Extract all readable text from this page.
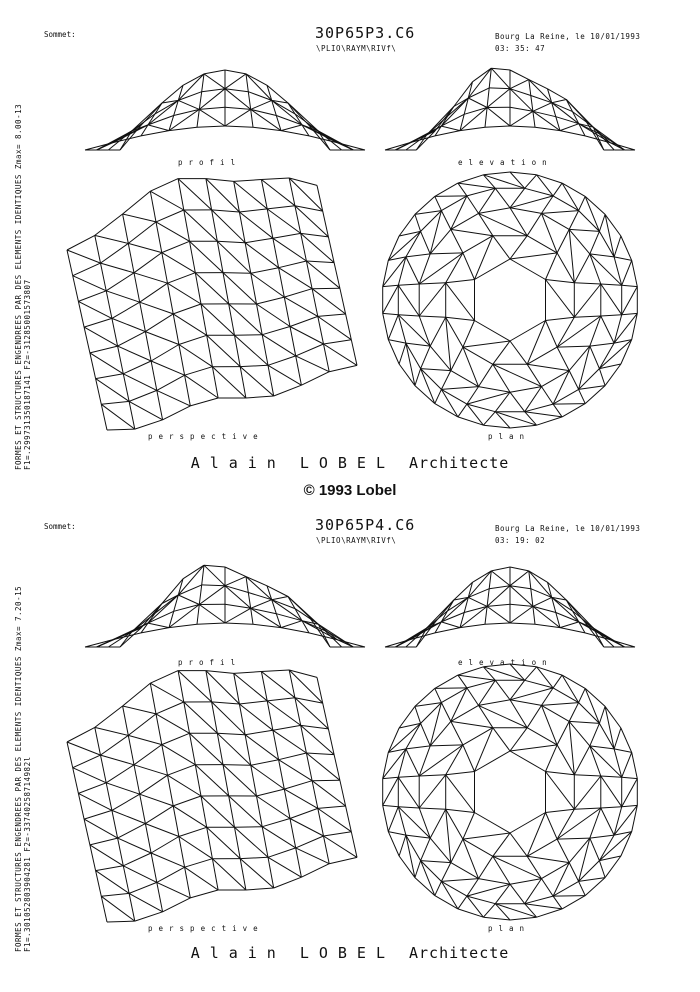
FORMES ET STRUCTURES ENGENDREES PAR DES ELEMENTS IDENTIQUES Zmax= 8.00-13 F1=.299731350187141 F2=-31285001573807
Sommet:	30P65P3.C6
\PLIO\RAYM\RIVf\
Bourg La Reine, le 10/01/1993
03: 35: 47
profil	elevation
perspective	plan
Alain LOBEL Architecte
© 1993 Lobel
FORMES ET STRUCTURES ENGENDREES PAR DES ELEMENTS IDENTIQUES Zmax= 7.20-15 F1=.301052803904281 F2=-33740258714982l
Sommet:	30P65P4.C6
\PLIO\RAYM\RIVf\
Bourg La Reine, le 10/01/1993
03: 19: 02
profil	elevation
perspective	plan
Alain LOBEL Architecte
